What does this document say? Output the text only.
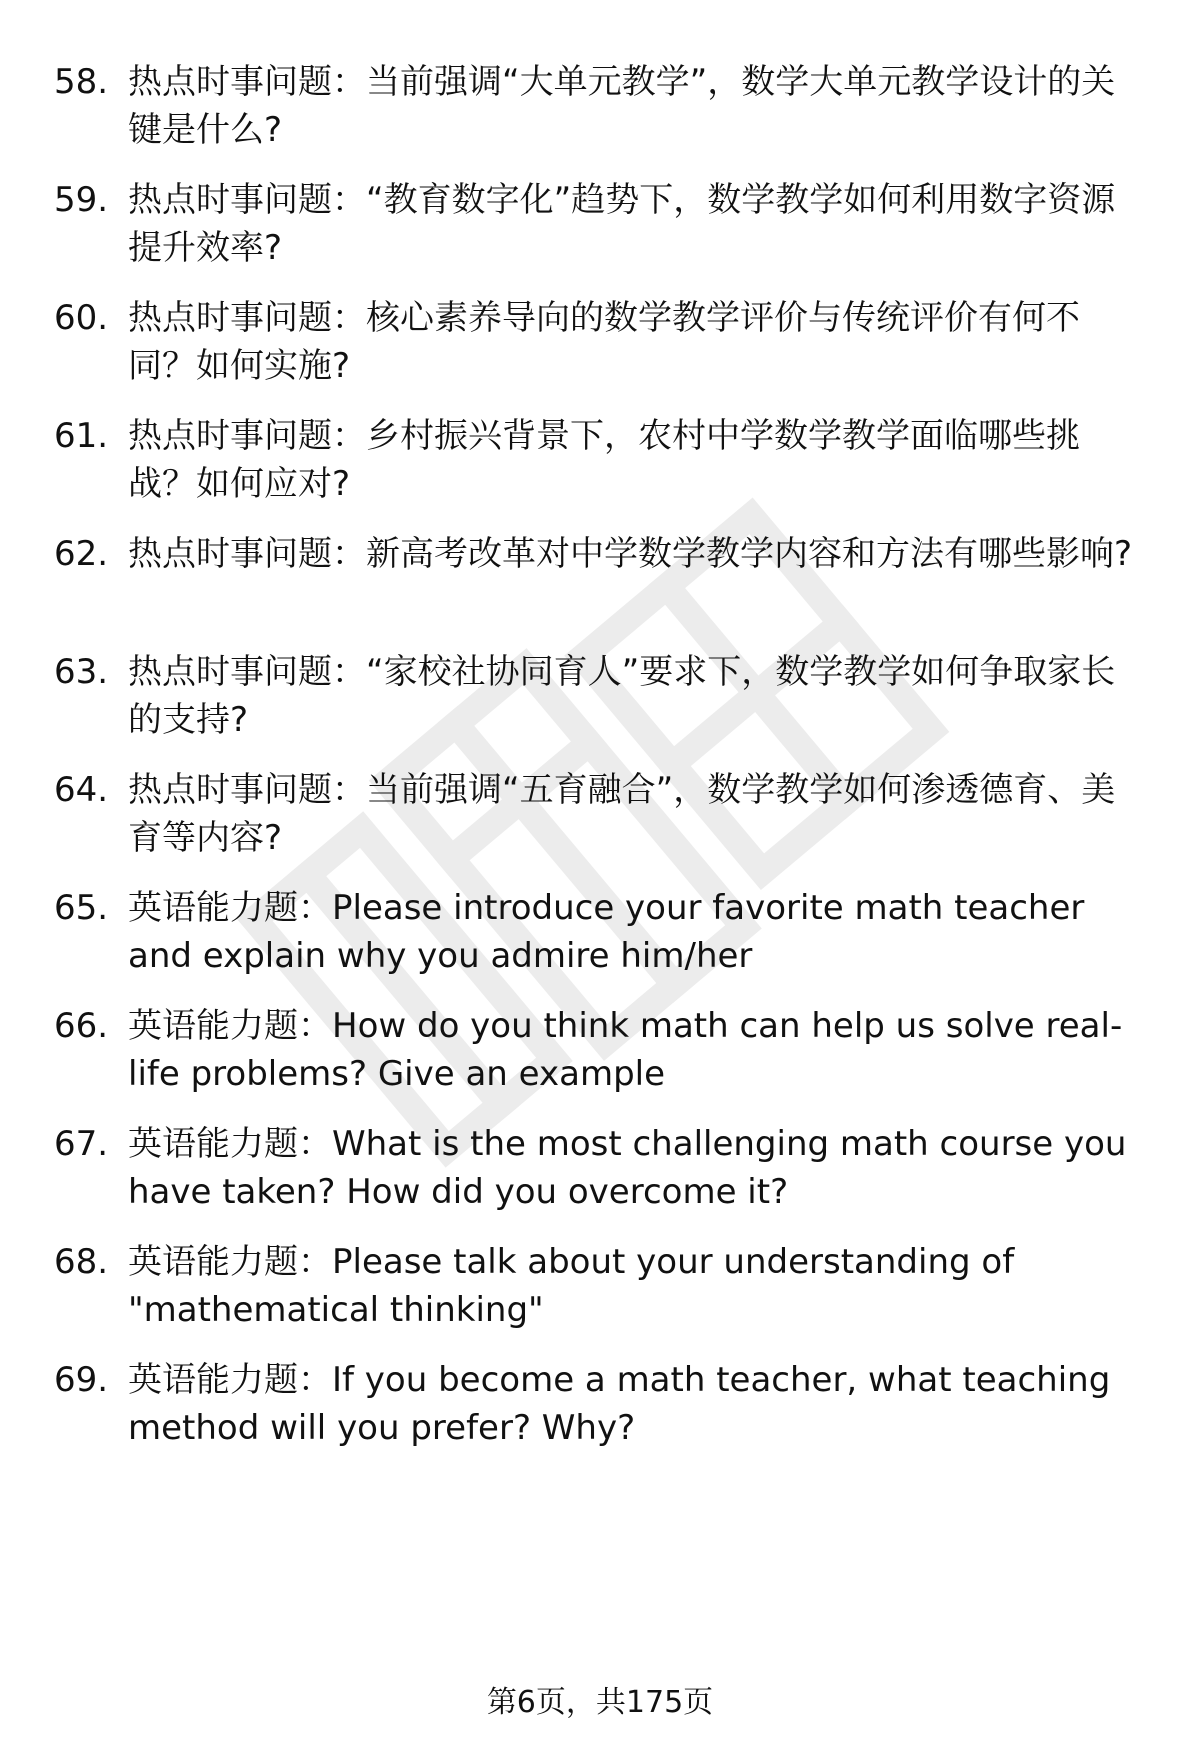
58. 热点时事问题：当前强调“大单元教学”，数学大单元教学设计的关键是什么?
59. 热点时事问题：“教育数字化”趋势下，数学教学如何利用数字资源提升效率?
60. 热点时事问题：核心素养导向的数学教学评价与传统评价有何不同？如何实施?
61. 热点时事问题：乡村振兴背景下，农村中学数学教学面临哪些挑战？如何应对?
62. 热点时事问题：新高考改革对中学数学教学内容和方法有哪些影响?
63. 热点时事问题：“家校社协同育人”要求下，数学教学如何争取家长的支持?
64. 热点时事问题：当前强调“五育融合”，数学教学如何渗透德育、美育等内容?
65. 英语能力题：Please introduce your favorite math teacher and explain why you admire him/her
66. 英语能力题：How do you think math can help us solve real-life problems? Give an example
67. 英语能力题：What is the most challenging math course you have taken? How did you overcome it?
68. 英语能力题：Please talk about your understanding of "mathematical thinking"
69. 英语能力题：If you become a math teacher, what teaching method will you prefer? Why?
第6页，共175页
